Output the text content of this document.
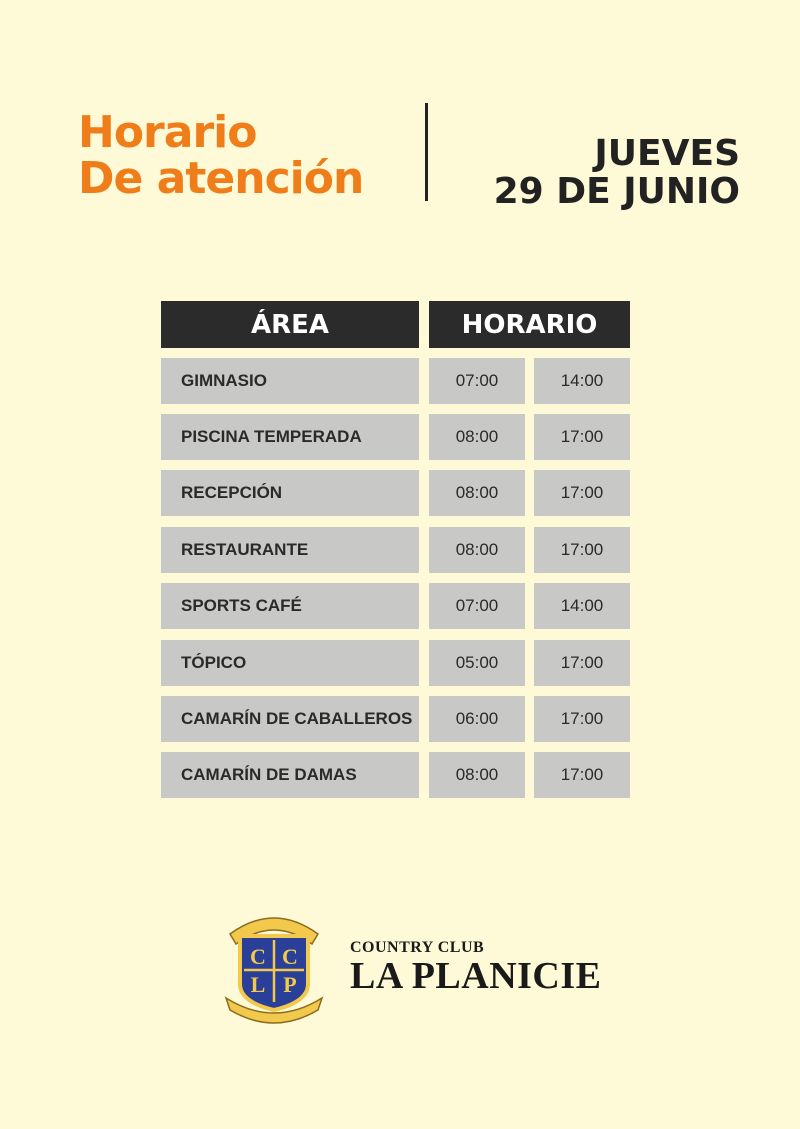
Horario
De atención	JUEVES
29 DE JUNIO
ÁREA	HORARIO
GIMNASIO	07:00	14:00
PISCINA TEMPERADA	08:00	17:00
RECEPCIÓN	08:00	17:00
RESTAURANTE	08:00	17:00
SPORTS CAFÉ	07:00	14:00
TÓPICO	05:00	17:00
CAMARÍN DE CABALLEROS	06:00	17:00
CAMARÍN DE DAMAS	08:00	17:00
C C
L P
COUNTRY CLUB
LA PLANICIE
